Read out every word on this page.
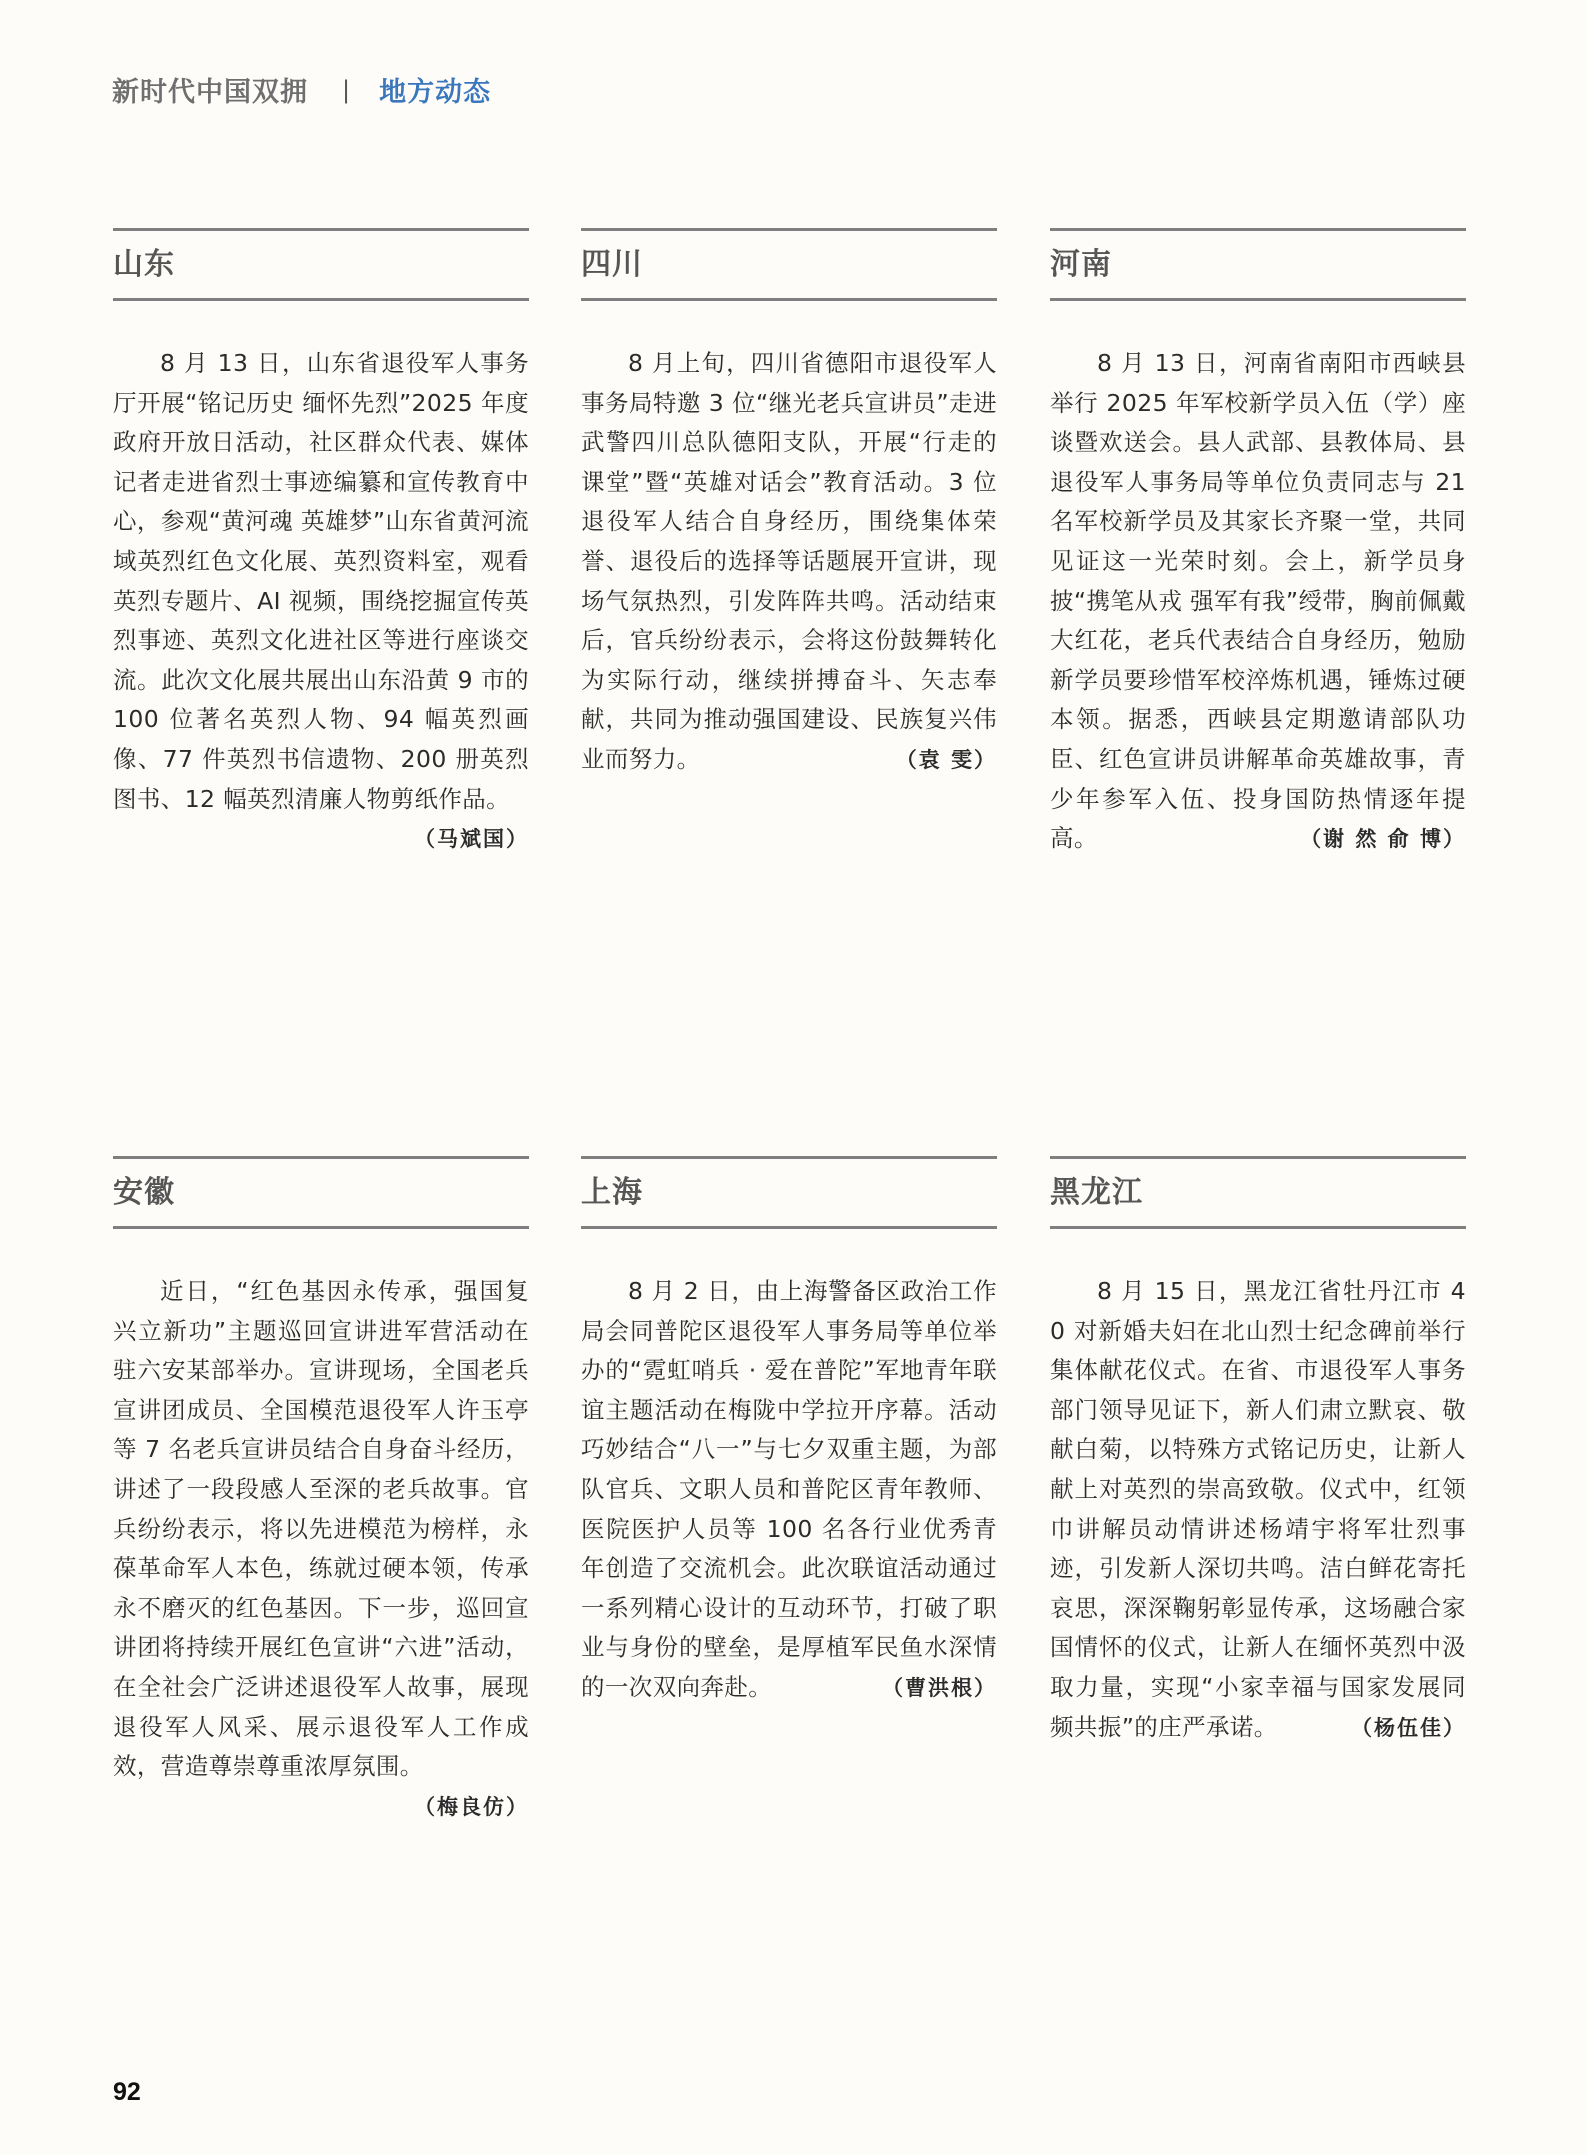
新时代中国双拥 | 地方动态
山东
8 月 13 日，山东省退役军人事务厅开展“铭记历史 缅怀先烈”2025 年度政府开放日活动，社区群众代表、媒体记者走进省烈士事迹编纂和宣传教育中心，参观“黄河魂 英雄梦”山东省黄河流域英烈红色文化展、英烈资料室，观看英烈专题片、AI 视频，围绕挖掘宣传英烈事迹、英烈文化进社区等进行座谈交流。此次文化展共展出山东沿黄 9 市的 100 位著名英烈人物、94 幅英烈画像、77 件英烈书信遗物、200 册英烈图书、12 幅英烈清廉人物剪纸作品。
（马斌国）
四川
8 月上旬，四川省德阳市退役军人事务局特邀 3 位“继光老兵宣讲员”走进武警四川总队德阳支队，开展“行走的课堂”暨“英雄对话会”教育活动。3 位退役军人结合自身经历，围绕集体荣誉、退役后的选择等话题展开宣讲，现场气氛热烈，引发阵阵共鸣。活动结束后，官兵纷纷表示，会将这份鼓舞转化为实际行动，继续拼搏奋斗、矢志奉献，共同为推动强国建设、民族复兴伟业而努力。	（袁 雯）
河南
8 月 13 日，河南省南阳市西峡县举行 2025 年军校新学员入伍（学）座谈暨欢送会。县人武部、县教体局、县退役军人事务局等单位负责同志与 21 名军校新学员及其家长齐聚一堂，共同见证这一光荣时刻。会上，新学员身披“携笔从戎 强军有我”绶带，胸前佩戴大红花，老兵代表结合自身经历，勉励新学员要珍惜军校淬炼机遇，锤炼过硬本领。据悉，西峡县定期邀请部队功臣、红色宣讲员讲解革命英雄故事，青少年参军入伍、投身国防热情逐年提高。	（谢 然 俞 博）
安徽
近日，“红色基因永传承，强国复兴立新功”主题巡回宣讲进军营活动在驻六安某部举办。宣讲现场，全国老兵宣讲团成员、全国模范退役军人许玉亭等 7 名老兵宣讲员结合自身奋斗经历，讲述了一段段感人至深的老兵故事。官兵纷纷表示，将以先进模范为榜样，永葆革命军人本色，练就过硬本领，传承永不磨灭的红色基因。下一步，巡回宣讲团将持续开展红色宣讲“六进”活动，在全社会广泛讲述退役军人故事，展现退役军人风采、展示退役军人工作成效，营造尊崇尊重浓厚氛围。
（梅良仿）
上海
8 月 2 日，由上海警备区政治工作局会同普陀区退役军人事务局等单位举办的“霓虹哨兵 · 爱在普陀”军地青年联谊主题活动在梅陇中学拉开序幕。活动巧妙结合“八一”与七夕双重主题，为部队官兵、文职人员和普陀区青年教师、医院医护人员等 100 名各行业优秀青年创造了交流机会。此次联谊活动通过一系列精心设计的互动环节，打破了职业与身份的壁垒，是厚植军民鱼水深情的一次双向奔赴。	（曹洪根）
黑龙江
8 月 15 日，黑龙江省牡丹江市 40 对新婚夫妇在北山烈士纪念碑前举行集体献花仪式。在省、市退役军人事务部门领导见证下，新人们肃立默哀、敬献白菊，以特殊方式铭记历史，让新人献上对英烈的崇高致敬。仪式中，红领巾讲解员动情讲述杨靖宇将军壮烈事迹，引发新人深切共鸣。洁白鲜花寄托哀思，深深鞠躬彰显传承，这场融合家国情怀的仪式，让新人在缅怀英烈中汲取力量，实现“小家幸福与国家发展同频共振”的庄严承诺。	（杨伍佳）
92
